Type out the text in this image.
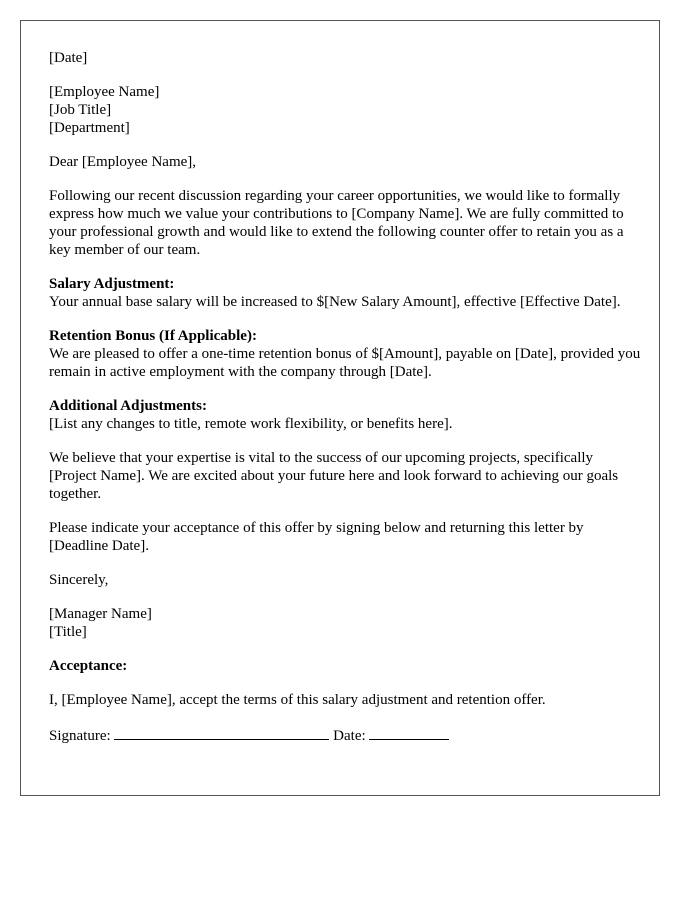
[Date]

[Employee Name]
[Job Title]
[Department]

Dear [Employee Name],

Following our recent discussion regarding your career opportunities, we would like to formally express how much we value your contributions to [Company Name]. We are fully committed to your professional growth and would like to extend the following counter offer to retain you as a key member of our team.

Salary Adjustment:
Your annual base salary will be increased to $[New Salary Amount], effective [Effective Date].

Retention Bonus (If Applicable):
We are pleased to offer a one-time retention bonus of $[Amount], payable on [Date], provided you remain in active employment with the company through [Date].

Additional Adjustments:
[List any changes to title, remote work flexibility, or benefits here].

We believe that your expertise is vital to the success of our upcoming projects, specifically [Project Name]. We are excited about your future here and look forward to achieving our goals together.

Please indicate your acceptance of this offer by signing below and returning this letter by [Deadline Date].

Sincerely,

[Manager Name]
[Title]

Acceptance:

I, [Employee Name], accept the terms of this salary adjustment and retention offer.

Signature:	Date:
